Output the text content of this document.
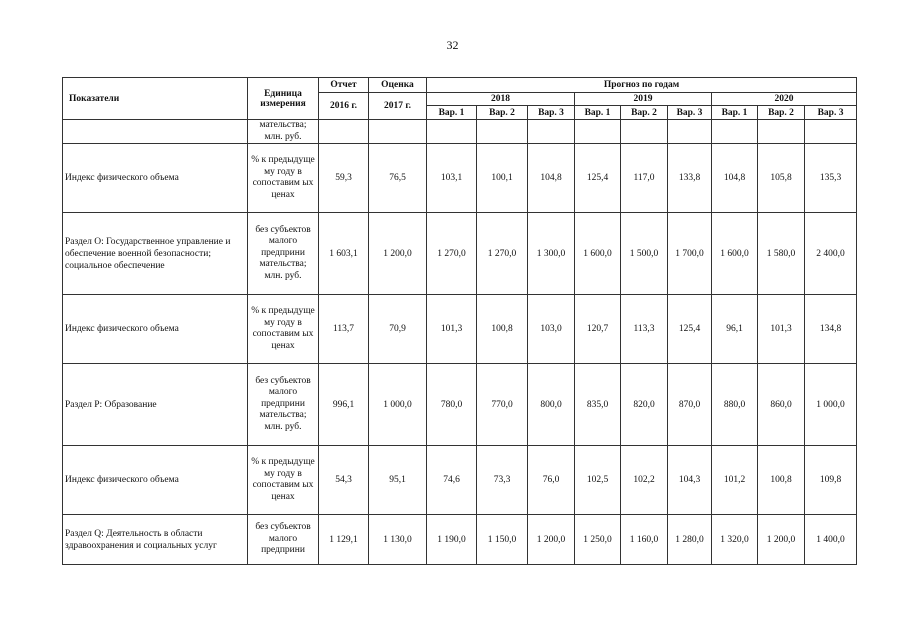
32
Показатели	Единица измерения	Отчет	Оценка	Прогноз по годам								
		2016 г.	2017 г.	2018			2019			2020		
				Вар. 1	Вар. 2	Вар. 3	Вар. 1	Вар. 2	Вар. 3	Вар. 1	Вар. 2	Вар. 3
	мательства; млн. руб.											
Индекс физического объема	% к предыдуще му году в сопоставим ых ценах	59,3	76,5	103,1	100,1	104,8	125,4	117,0	133,8	104,8	105,8	135,3
Раздел O: Государственное управление и обеспечение военной безопасности; социальное обеспечение	без субъектов малого предприни мательства; млн. руб.	1 603,1	1 200,0	1 270,0	1 270,0	1 300,0	1 600,0	1 500,0	1 700,0	1 600,0	1 580,0	2 400,0
Индекс физического объема	% к предыдуще му году в сопоставим ых ценах	113,7	70,9	101,3	100,8	103,0	120,7	113,3	125,4	96,1	101,3	134,8
Раздел P: Образование	без субъектов малого предприни мательства; млн. руб.	996,1	1 000,0	780,0	770,0	800,0	835,0	820,0	870,0	880,0	860,0	1 000,0
Индекс физического объема	% к предыдуще му году в сопоставим ых ценах	54,3	95,1	74,6	73,3	76,0	102,5	102,2	104,3	101,2	100,8	109,8
Раздел Q: Деятельность в области здравоохранения и социальных услуг	без субъектов малого предприни	1 129,1	1 130,0	1 190,0	1 150,0	1 200,0	1 250,0	1 160,0	1 280,0	1 320,0	1 200,0	1 400,0
